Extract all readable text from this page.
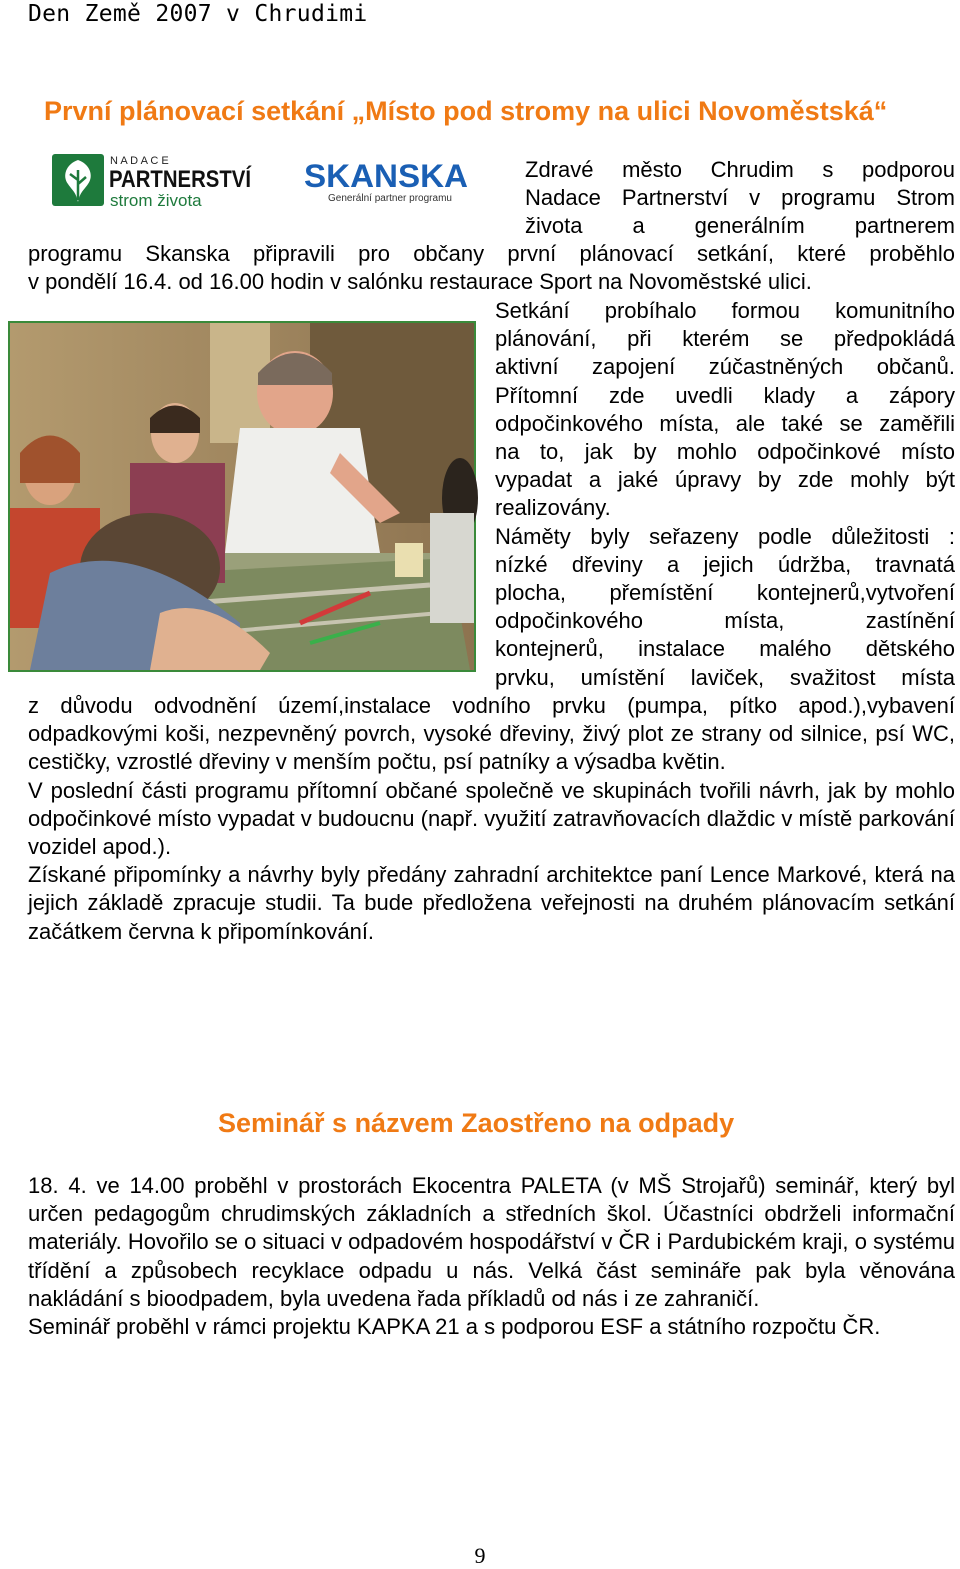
Den Země 2007 v Chrudimi
První plánovací setkání „Místo pod stromy na ulici Novoměstská“
N A D A C E
PARTNERSTVÍ
strom života
SKANSKA
Generální partner programu

Zdravé město Chrudim s podporou

Nadace Partnerství v programu Strom

života a generálním partnerem

programu Skanska připravili pro občany první plánovací setkání, které proběhlo

v pondělí 16.4. od 16.00 hodin v salónku restaurace Sport na Novoměstské ulici.

Setkání probíhalo formou komunitního

plánování, při kterém se předpokládá

aktivní zapojení zúčastněných občanů.

Přítomní zde uvedli klady a zápory

odpočinkového místa, ale také se zaměřili

na to, jak by mohlo odpočinkové místo

vypadat a jaké úpravy by zde mohly být

realizovány.

Náměty byly seřazeny podle důležitosti :

nízké dřeviny a jejich údržba, travnatá

plocha, přemístění kontejnerů,vytvoření

odpočinkového místa, zastínění

kontejnerů, instalace malého dětského

prvku, umístění laviček, svažitost místa

z důvodu odvodnění území,instalace vodního prvku (pumpa, pítko apod.),vybavení odpadkovými koši, nezpevněný povrch, vysoké dřeviny, živý plot ze strany od silnice, psí WC, cestičky, vzrostlé dřeviny v menším počtu, psí patníky a výsadba květin.

V poslední části programu přítomní občané společně ve skupinách tvořili návrh, jak by mohlo odpočinkové místo vypadat v budoucnu (např. využití zatravňovacích dlaždic v místě parkování vozidel apod.).

Získané připomínky a návrhy byly předány zahradní architektce paní Lence Markové, která na jejich základě zpracuje studii. Ta bude předložena veřejnosti na druhém plánovacím setkání začátkem června k připomínkování.

Seminář s názvem Zaostřeno na odpady

18. 4. ve 14.00 proběhl v prostorách Ekocentra PALETA (v MŠ Strojařů) seminář, který byl určen pedagogům chrudimských základních a středních škol. Účastníci obdrželi informační materiály. Hovořilo se o situaci v odpadovém hospodářství v ČR i Pardubickém kraji, o systému třídění a způsobech recyklace odpadu u nás. Velká část semináře pak byla věnována nakládání s bioodpadem, byla uvedena řada příkladů od nás i ze zahraničí.

Seminář proběhl v rámci projektu KAPKA 21 a s podporou ESF a státního rozpočtu ČR.

9
